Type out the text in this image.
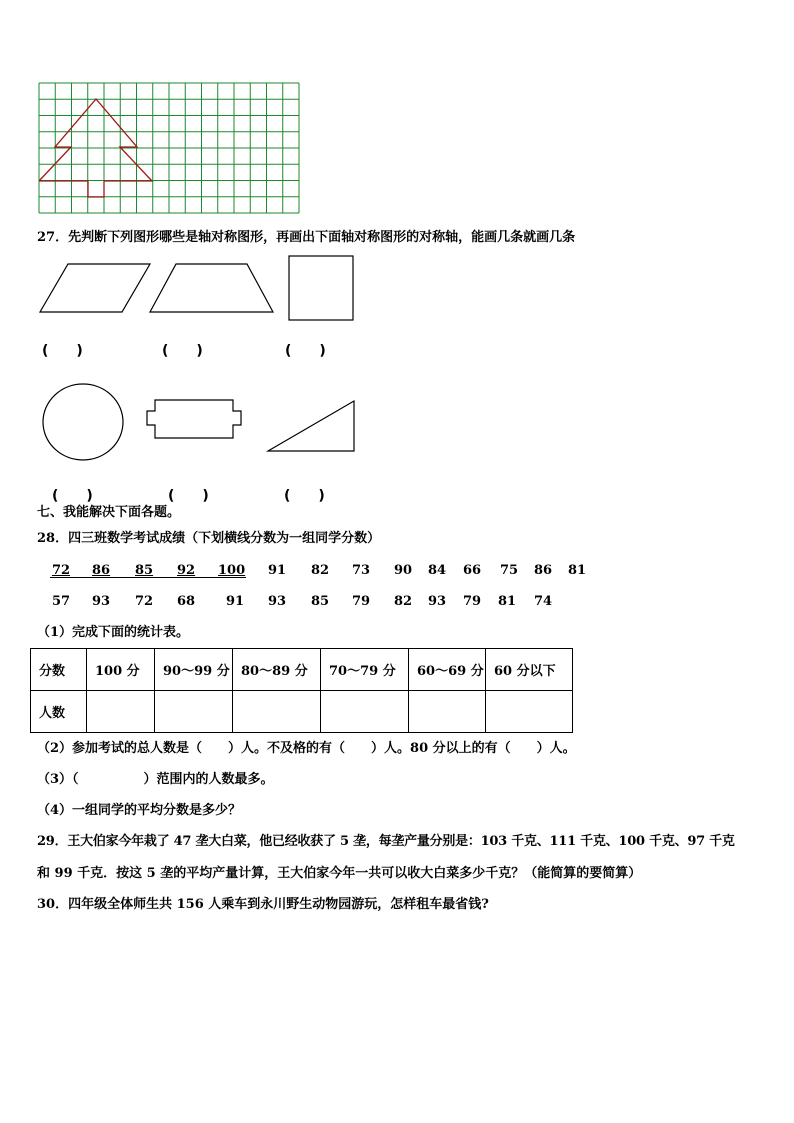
27．先判断下列图形哪些是轴对称图形，再画出下面轴对称图形的对称轴，能画几条就画几条
(　　)	(　　)	(　　)
(　　)	(　　)	(　　)
七、我能解决下面各题。
28．四三班数学考试成绩（下划横线分数为一组同学分数）
72 86 85 92 100 91 82 73 90 84 66 75 86 81
57 93 72 68 91 93 85 79 82 93 79 81 74
（1）完成下面的统计表。
分数	100 分	90～99 分	80～89 分	70～79 分	60～69 分	60 分以下
人数						
（2）参加考试的总人数是（　　）人。不及格的有（　　）人。80 分以上的有（　　）人。
（3）（　　　　　）范围内的人数最多。
（4）一组同学的平均分数是多少？
29．王大伯家今年栽了 47 垄大白菜，他已经收获了 5 垄，每垄产量分别是：103 千克、111 千克、100 千克、97 千克
和 99 千克．按这 5 垄的平均产量计算，王大伯家今年一共可以收大白菜多少千克？（能简算的要简算）
30．四年级全体师生共 156 人乘车到永川野生动物园游玩，怎样租车最省钱?
